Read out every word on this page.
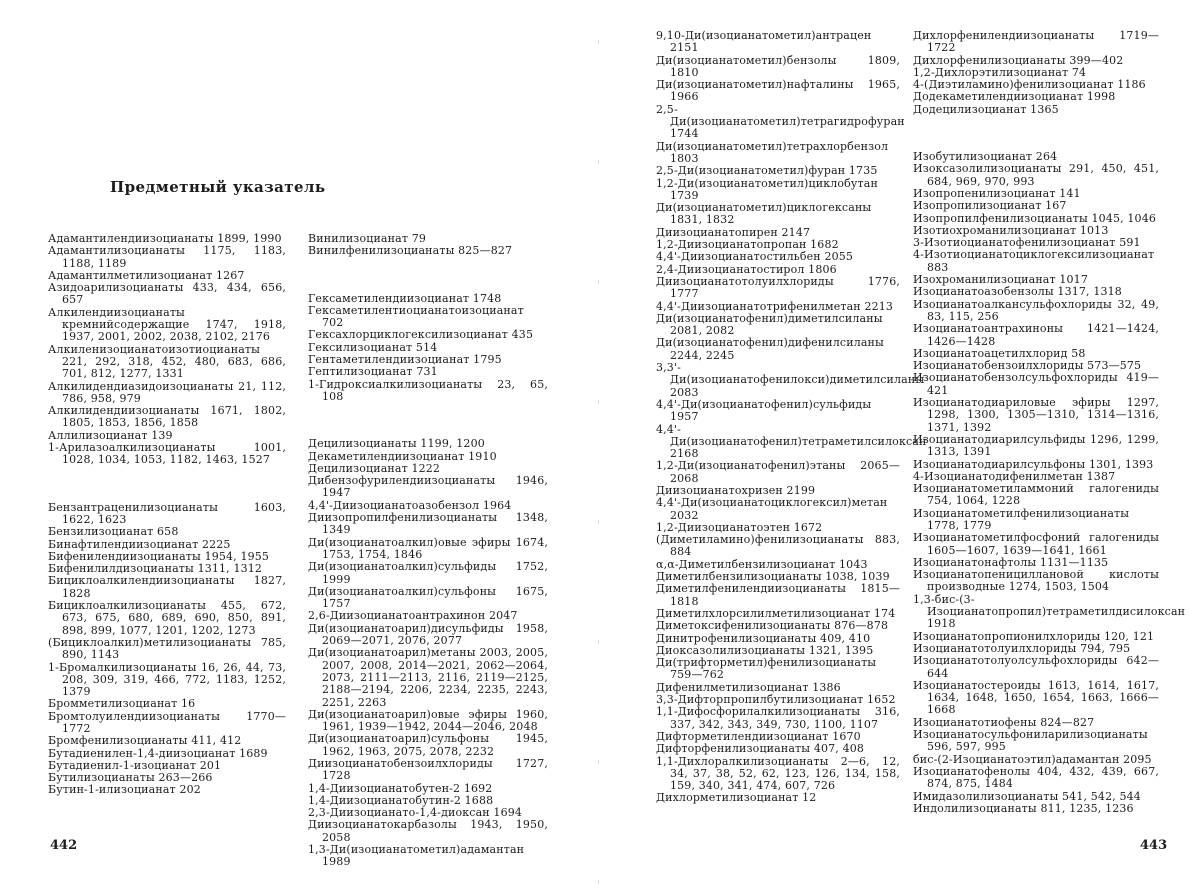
Предметный указатель

Адамантилендиизоцианаты 1899, 1990

Адамантилизоцианаты 1175, 1183, 1188, 1189

Адамантилметилизоцианат 1267

Азидоарилизоцианаты 433, 434, 656, 657

Алкилендиизоцианаты кремнийсодержащие 1747, 1918, 1937, 2001, 2002, 2038, 2102, 2176

Алкиленизоцианатоизотиоцианаты 221, 292, 318, 452, 480, 683, 686, 701, 812, 1277, 1331

Алкилидендиазидоизоцианаты 21, 112, 786, 958, 979

Алкилидендиизоцианаты 1671, 1802, 1805, 1853, 1856, 1858

Аллилизоцианат 139

1-Арилазоалкилизоцианаты 1001, 1028, 1034, 1053, 1182, 1463, 1527

Бензантраценилизоцианаты 1603, 1622, 1623

Бензилизоцианат 658

Бинафтилендиизоцианат 2225

Бифенилендиизоцианаты 1954, 1955

Бифенилилдизоцианаты 1311, 1312

Бициклоалкилендиизоцианаты 1827, 1828

Бициклоалкилизоцианаты 455, 672, 673, 675, 680, 689, 690, 850, 891, 898, 899, 1077, 1201, 1202, 1273

(Бициклоалкил)метилизоцианаты 785, 890, 1143

1-Бромалкилизоцианаты 16, 26, 44, 73, 208, 309, 319, 466, 772, 1183, 1252, 1379

Бромметилизоцианат 16

Бромтолуилендиизоцианаты 1770—1772

Бромфенилизоцианаты 411, 412

Бутадиенилен-1,4-диизоцианат 1689

Бутадиенил-1-изоцианат 201

Бутилизоцианаты 263—266

Бутин-1-илизоцианат 202

Винилизоцианат 79

Винилфенилизоцианаты 825—827

Гексаметилендиизоцианат 1748

Гексаметилентиоцианатоизоцианат 702

Гексахлорциклогексилизоцианат 435

Гексилизоцианат 514

Гентаметилендиизоцианат 1795

Гептилизоцианат 731

1-Гидроксиалкилизоцианаты 23, 65, 108

Децилизоцианаты 1199, 1200

Декаметилендиизоцианат 1910

Децилизоцианат 1222

Дибензофурилендиизоцианаты 1946, 1947

4,4'-Диизоцианатоазобензол 1964

Диизопропилфенилизоцианаты 1348, 1349

Ди(изоцианатоалкил)овые эфиры 1674, 1753, 1754, 1846

Ди(изоцианатоалкил)сульфиды 1752, 1999

Ди(изоцианатоалкил)сульфоны 1675, 1757

2,6-Диизоцианатоантрахинон 2047

Ди(изоцианатоарил)дисульфиды 1958, 2069—2071, 2076, 2077

Ди(изоцианатоарил)метаны 2003, 2005, 2007, 2008, 2014—2021, 2062—2064, 2073, 2111—2113, 2116, 2119—2125, 2188—2194, 2206, 2234, 2235, 2243, 2251, 2263

Ди(изоцианатоарил)овые эфиры 1960, 1961, 1939—1942, 2044—2046, 2048

Ди(изоцианатоарил)сульфоны 1945, 1962, 1963, 2075, 2078, 2232

Диизоцианатобензоилхлориды 1727, 1728

1,4-Диизоцианатобутен-2 1692

1,4-Диизоцианатобутин-2 1688

2,3-Диизоцианато-1,4-диоксан 1694

Диизоцианатокарбазолы 1943, 1950, 2058

1,3-Ди(изоцианатометил)адамантан 1989

442

9,10-Ди(изоцианатометил)антрацен 2151

Ди(изоцианатометил)бензолы 1809, 1810

Ди(изоцианатометил)нафталины 1965, 1966

2,5-Ди(изоцианатометил)тетрагидрофуран 1744

Ди(изоцианатометил)тетрахлорбензол 1803

2,5-Ди(изоцианатометил)фуран 1735

1,2-Ди(изоцианатометил)циклобутан 1739

Ди(изоцианатометил)циклогексаны 1831, 1832

Диизоцианатопирен 2147

1,2-Диизоцианатопропан 1682

4,4'-Диизоцианатостильбен 2055

2,4-Диизоцианатостирол 1806

Диизоцианатотолуилхлориды 1776, 1777

4,4'-Диизоцианатотрифенилметан 2213

Ди(изоцианатофенил)диметилсиланы 2081, 2082

Ди(изоцианатофенил)дифенилсиланы 2244, 2245

3,3'-Ди(изоцианатофенилокси)диметилсиланы 2083

4,4'-Ди(изоцианатофенил)сульфиды 1957

4,4'-Ди(изоцианатофенил)тетраметилсилоксан 2168

1,2-Ди(изоцианатофенил)этаны 2065—2068

Диизоцианатохризен 2199

4,4'-Ди(изоцианатоциклогексил)метан 2032

1,2-Диизоцианатоэтен 1672

(Диметиламино)фенилизоцианаты 883, 884

α,α-Диметилбензилизоцианат 1043

Диметилбензилизоцианаты 1038, 1039

Диметилфенилендиизоцианаты 1815—1818

Диметилхлорсилилметилизоцианат 174

Диметоксифенилизоцианаты 876—878

Динитрофенилизоцианаты 409, 410

Диоксазолилизоцианаты 1321, 1395

Ди(трифторметил)фенилизоцианаты 759—762

Дифенилметилизоцианат 1386

3,3-Дифторпропилбутилизоцианат 1652

1,1-Дифосфорилалкилизоцианаты 316, 337, 342, 343, 349, 730, 1100, 1107

Дифторметилендиизоцианат 1670

Дифторфенилизоцианаты 407, 408

1,1-Дихлоралкилизоцианаты 2—6, 12, 34, 37, 38, 52, 62, 123, 126, 134, 158, 159, 340, 341, 474, 607, 726

Дихлорметилизоцианат 12

Дихлорфенилендиизоцианаты 1719—1722

Дихлорфенилизоцианаты 399—402

1,2-Дихлорэтилизоцианат 74

4-(Диэтиламино)фенилизоцианат 1186

Додекаметилендиизоцианат 1998

Додецилизоцианат 1365

Изобутилизоцианат 264

Изоксазолилизоцианаты 291, 450, 451, 684, 969, 970, 993

Изопропенилизоцианат 141

Изопропилизоцианат 167

Изопропилфенилизоцианаты 1045, 1046

Изотиохроманилизоцианат 1013

3-Изотиоцианатофенилизоцианат 591

4-Изотиоцианатоциклогексилизоцианат 883

Изохроманилизоцианат 1017

Изоцианатоазобензолы 1317, 1318

Изоцианатоалкансульфохлориды 32, 49, 83, 115, 256

Изоцианатоантрахиноны 1421—1424, 1426—1428

Изоцианатоацетилхлорид 58

Изоцианатобензоилхлориды 573—575

Изоцианатобензолсульфохлориды 419—421

Изоцианатодиариловые эфиры 1297, 1298, 1300, 1305—1310, 1314—1316, 1371, 1392

Изоцианатодиарилсульфиды 1296, 1299, 1313, 1391

Изоцианатодиарилсульфоны 1301, 1393

4-Изоцианатодифенилметан 1387

Изоцианатометиламмоний галогениды 754, 1064, 1228

Изоцианатометилфенилизоцианаты 1778, 1779

Изоцианатометилфосфоний галогениды 1605—1607, 1639—1641, 1661

Изоцианатонафтолы 1131—1135

Изоцианатопенициллановой кислоты производные 1274, 1503, 1504

1,3-бис-(3-Изоцианатопропил)тетраметилдисилоксан 1918

Изоцианатопропионилхлориды 120, 121

Изоцианатотолуилхлориды 794, 795

Изоцианатотолуолсульфохлориды 642—644

Изоцианатостероиды 1613, 1614, 1617, 1634, 1648, 1650, 1654, 1663, 1666—1668

Изоцианатотиофены 824—827

Изоцианатосульфониларилизоцианаты 596, 597, 995

бис-(2-Изоцианатоэтил)адамантан 2095

Изоцианатофенолы 404, 432, 439, 667, 874, 875, 1484

Имидазолилизоцианаты 541, 542, 544

Индолилизоцианаты 811, 1235, 1236

443
